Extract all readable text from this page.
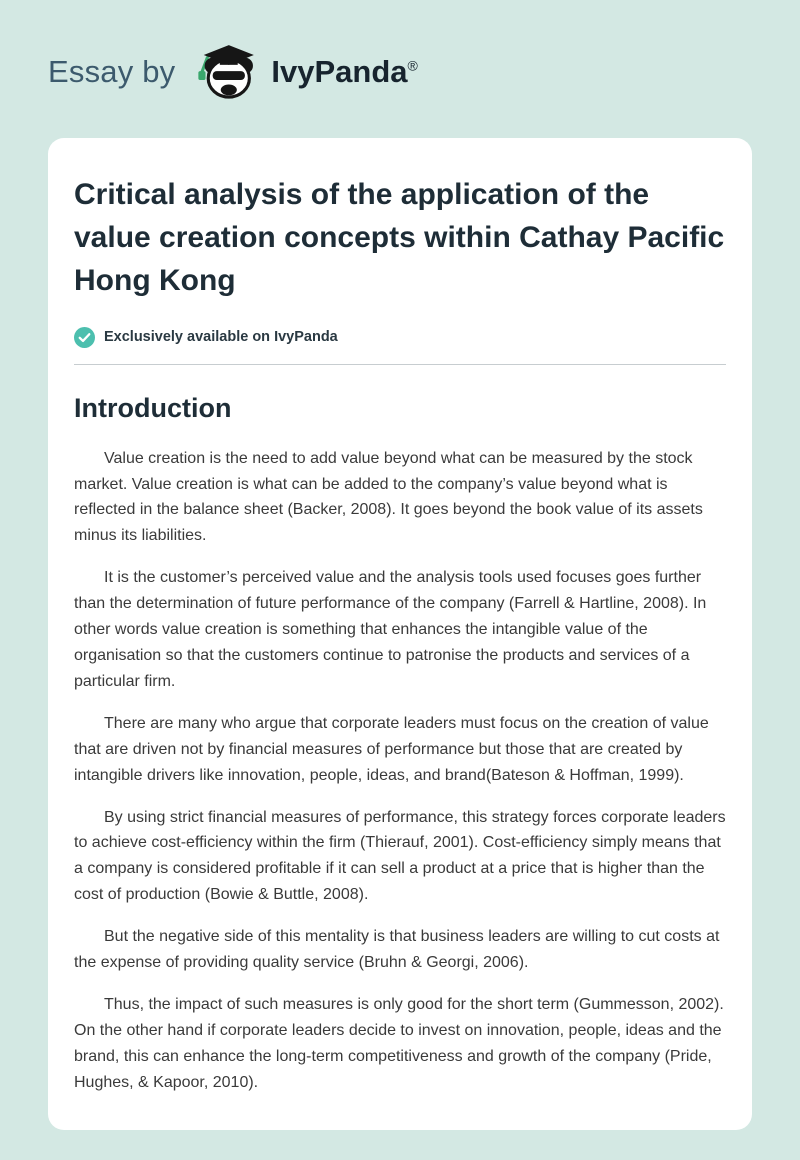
Essay by	IvyPanda®
Critical analysis of the application of the value creation concepts within Cathay Pacific Hong Kong
Exclusively available on IvyPanda
Introduction

Value creation is the need to add value beyond what can be measured by the stock market. Value creation is what can be added to the company’s value beyond what is reflected in the balance sheet (Backer, 2008). It goes beyond the book value of its assets minus its liabilities.

It is the customer’s perceived value and the analysis tools used focuses goes further than the determination of future performance of the company (Farrell & Hartline, 2008). In other words value creation is something that enhances the intangible value of the organisation so that the customers continue to patronise the products and services of a particular firm.

There are many who argue that corporate leaders must focus on the creation of value that are driven not by financial measures of performance but those that are created by intangible drivers like innovation, people, ideas, and brand(Bateson & Hoffman, 1999).

By using strict financial measures of performance, this strategy forces corporate leaders to achieve cost-efficiency within the firm (Thierauf, 2001). Cost-efficiency simply means that a company is considered profitable if it can sell a product at a price that is higher than the cost of production (Bowie & Buttle, 2008).

But the negative side of this mentality is that business leaders are willing to cut costs at the expense of providing quality service (Bruhn & Georgi, 2006).

Thus, the impact of such measures is only good for the short term (Gummesson, 2002). On the other hand if corporate leaders decide to invest on innovation, people, ideas and the brand, this can enhance the long-term competitiveness and growth of the company (Pride, Hughes, & Kapoor, 2010).
